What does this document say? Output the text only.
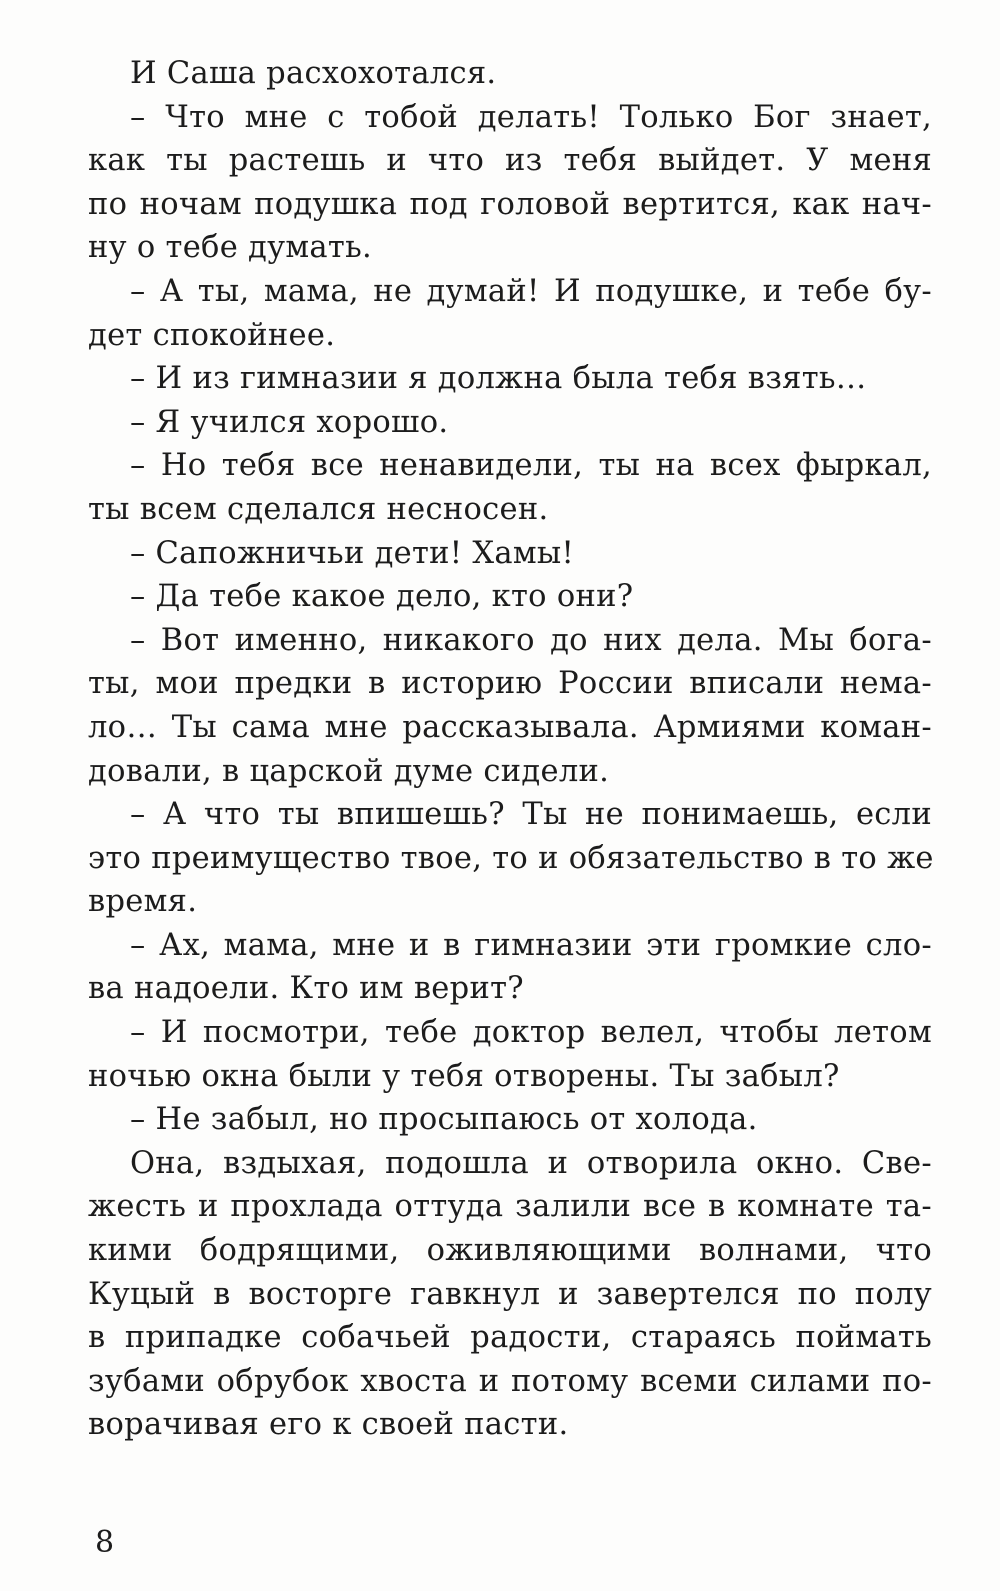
И Саша расхохотался.
– Что мне с тобой делать! Только Бог знает,
как ты растешь и что из тебя выйдет. У меня
по ночам подушка под головой вертится, как нач-
ну о тебе думать.
– А ты, мама, не думай! И подушке, и тебе бу-
дет спокойнее.
– И из гимназии я должна была тебя взять…
– Я учился хорошо.
– Но тебя все ненавидели, ты на всех фыркал,
ты всем сделался несносен.
– Сапожничьи дети! Хамы!
– Да тебе какое дело, кто они?
– Вот именно, никакого до них дела. Мы бога-
ты, мои предки в историю России вписали нема-
ло… Ты сама мне рассказывала. Армиями коман-
довали, в царской думе сидели.
– А что ты впишешь? Ты не понимаешь, если
это преимущество твое, то и обязательство в то же
время.
– Ах, мама, мне и в гимназии эти громкие сло-
ва надоели. Кто им верит?
– И посмотри, тебе доктор велел, чтобы летом
ночью окна были у тебя отворены. Ты забыл?
– Не забыл, но просыпаюсь от холода.
Она, вздыхая, подошла и отворила окно. Све-
жесть и прохлада оттуда залили все в комнате та-
кими бодрящими, оживляющими волнами, что
Куцый в восторге гавкнул и завертелся по полу
в припадке собачьей радости, стараясь поймать
зубами обрубок хвоста и потому всеми силами по-
ворачивая его к своей пасти.
8
